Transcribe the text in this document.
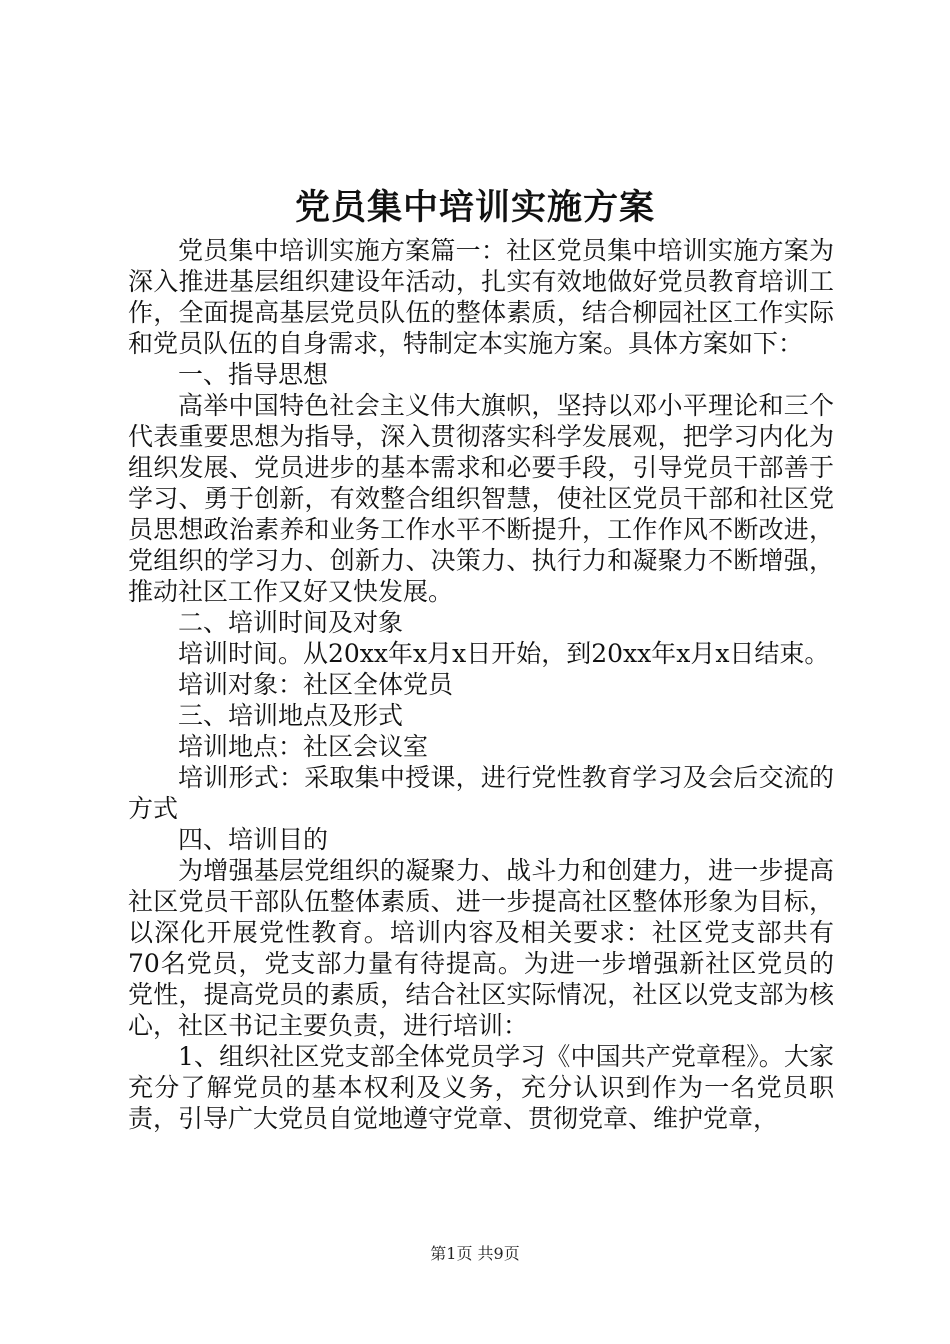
党员集中培训实施方案

党员集中培训实施方案篇一：社区党员集中培训实施方案为深入推进基层组织建设年活动，扎实有效地做好党员教育培训工作，全面提高基层党员队伍的整体素质，结合柳园社区工作实际和党员队伍的自身需求，特制定本实施方案。具体方案如下：

一、指导思想

高举中国特色社会主义伟大旗帜，坚持以邓小平理论和三个代表重要思想为指导，深入贯彻落实科学发展观，把学习内化为组织发展、党员进步的基本需求和必要手段，引导党员干部善于学习、勇于创新，有效整合组织智慧，使社区党员干部和社区党员思想政治素养和业务工作水平不断提升，工作作风不断改进，党组织的学习力、创新力、决策力、执行力和凝聚力不断增强，推动社区工作又好又快发展。

二、培训时间及对象

培训时间。从20xx年x月x日开始，到20xx年x月x日结束。

培训对象：社区全体党员

三、培训地点及形式

培训地点：社区会议室

培训形式：采取集中授课，进行党性教育学习及会后交流的方式

四、培训目的

为增强基层党组织的凝聚力、战斗力和创建力，进一步提高社区党员干部队伍整体素质、进一步提高社区整体形象为目标，以深化开展党性教育。培训内容及相关要求：社区党支部共有70名党员，党支部力量有待提高。为进一步增强新社区党员的党性，提高党员的素质，结合社区实际情况，社区以党支部为核心，社区书记主要负责，进行培训：

1、组织社区党支部全体党员学习《中国共产党章程》。大家充分了解党员的基本权利及义务，充分认识到作为一名党员职责，引导广大党员自觉地遵守党章、贯彻党章、维护党章，

第1页 共9页
